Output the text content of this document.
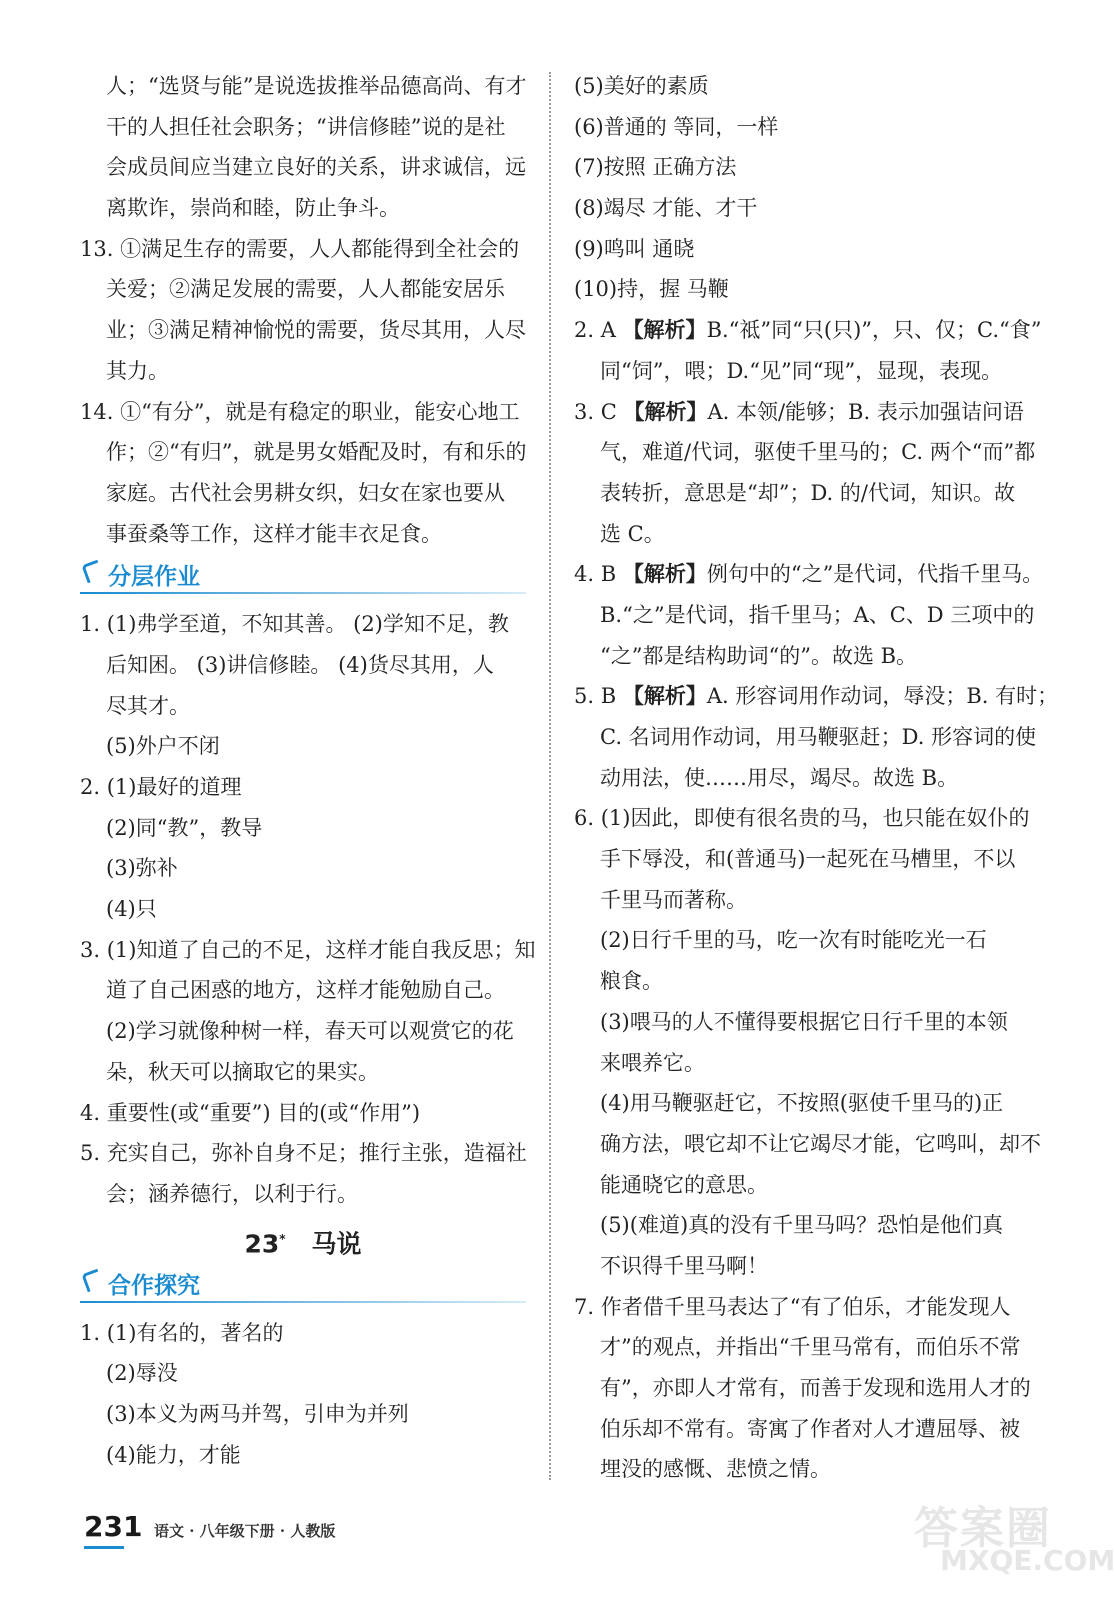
人；“选贤与能”是说选拔推举品德高尚、有才
干的人担任社会职务；“讲信修睦”说的是社
会成员间应当建立良好的关系，讲求诚信，远
离欺诈，崇尚和睦，防止争斗。
13. ①满足生存的需要，人人都能得到全社会的
关爱；②满足发展的需要，人人都能安居乐
业；③满足精神愉悦的需要，货尽其用，人尽
其力。
14. ①“有分”，就是有稳定的职业，能安心地工
作；②“有归”，就是男女婚配及时，有和乐的
家庭。古代社会男耕女织，妇女在家也要从
事蚕桑等工作，这样才能丰衣足食。
分层作业
1. (1)弗学至道，不知其善。 (2)学知不足，教
后知困。 (3)讲信修睦。 (4)货尽其用，人
尽其才。
(5)外户不闭
2. (1)最好的道理
(2)同“教”，教导
(3)弥补
(4)只
3. (1)知道了自己的不足，这样才能自我反思；知
道了自己困惑的地方，这样才能勉励自己。
(2)学习就像种树一样，春天可以观赏它的花
朵，秋天可以摘取它的果实。
4. 重要性(或“重要”) 目的(或“作用”)
5. 充实自己，弥补自身不足；推行主张，造福社
会；涵养德行，以利于行。
23* 马说
合作探究
1. (1)有名的，著名的
(2)辱没
(3)本义为两马并驾，引申为并列
(4)能力，才能
(5)美好的素质
(6)普通的 等同，一样
(7)按照 正确方法
(8)竭尽 才能、才干
(9)鸣叫 通晓
(10)持，握 马鞭
2. A 【解析】B.“祗”同“只(只)”，只、仅；C.“食”
同“饲”，喂；D.“见”同“现”，显现，表现。
3. C 【解析】A. 本领/能够；B. 表示加强诘问语
气，难道/代词，驱使千里马的；C. 两个“而”都
表转折，意思是“却”；D. 的/代词，知识。故
选 C。
4. B 【解析】例句中的“之”是代词，代指千里马。
B.“之”是代词，指千里马；A、C、D 三项中的
“之”都是结构助词“的”。故选 B。
5. B 【解析】A. 形容词用作动词，辱没；B. 有时；
C. 名词用作动词，用马鞭驱赶；D. 形容词的使
动用法，使……用尽，竭尽。故选 B。
6. (1)因此，即使有很名贵的马，也只能在奴仆的
手下辱没，和(普通马)一起死在马槽里，不以
千里马而著称。
(2)日行千里的马，吃一次有时能吃光一石
粮食。
(3)喂马的人不懂得要根据它日行千里的本领
来喂养它。
(4)用马鞭驱赶它，不按照(驱使千里马的)正
确方法，喂它却不让它竭尽才能，它鸣叫，却不
能通晓它的意思。
(5)(难道)真的没有千里马吗？恐怕是他们真
不识得千里马啊！
7. 作者借千里马表达了“有了伯乐，才能发现人
才”的观点，并指出“千里马常有，而伯乐不常
有”，亦即人才常有，而善于发现和选用人才的
伯乐却不常有。寄寓了作者对人才遭屈辱、被
埋没的感慨、悲愤之情。
231 语文 · 八年级下册 · 人教版	答案圈
MXQE.COM
